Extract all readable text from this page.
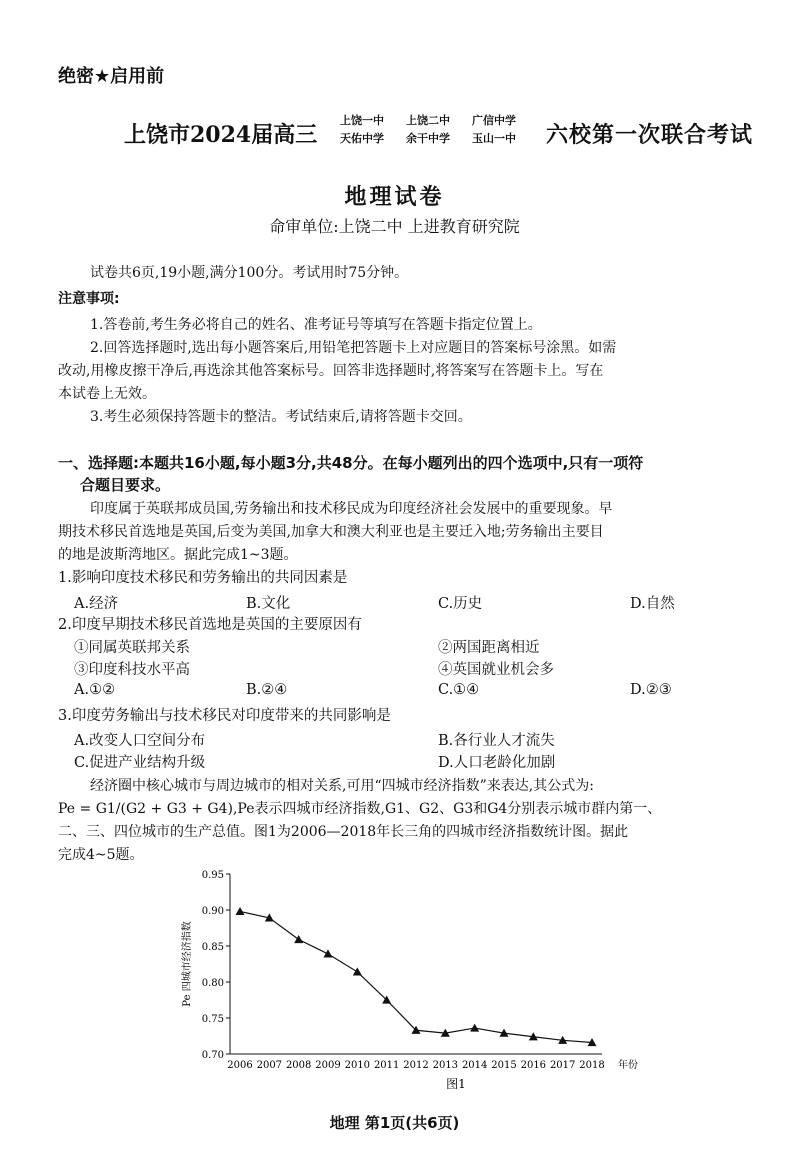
绝密★启用前
上饶市2024届高三
上饶一中 上饶二中 广信中学
天佑中学 余干中学 玉山一中	六校第一次联合考试
地理试卷
命审单位:上饶二中 上进教育研究院
试卷共6页,19小题,满分100分。考试用时75分钟。
注意事项:
1.答卷前,考生务必将自己的姓名、准考证号等填写在答题卡指定位置上。
2.回答选择题时,选出每小题答案后,用铅笔把答题卡上对应题目的答案标号涂黑。如需
改动,用橡皮擦干净后,再选涂其他答案标号。回答非选择题时,将答案写在答题卡上。写在
本试卷上无效。
3.考生必须保持答题卡的整洁。考试结束后,请将答题卡交回。
一、选择题:本题共16小题,每小题3分,共48分。在每小题列出的四个选项中,只有一项符
合题目要求。
印度属于英联邦成员国,劳务输出和技术移民成为印度经济社会发展中的重要现象。早
期技术移民首选地是英国,后变为美国,加拿大和澳大利亚也是主要迁入地;劳务输出主要目
的地是波斯湾地区。据此完成1~3题。
1.影响印度技术移民和劳务输出的共同因素是
A.经济	B.文化	C.历史	D.自然
2.印度早期技术移民首选地是英国的主要原因有
①同属英联邦关系	②两国距离相近
③印度科技水平高	④英国就业机会多
A.①②	B.②④	C.①④	D.②③
3.印度劳务输出与技术移民对印度带来的共同影响是
A.改变人口空间分布	B.各行业人才流失
C.促进产业结构升级	D.人口老龄化加剧
经济圈中核心城市与周边城市的相对关系,可用“四城市经济指数”来表达,其公式为:
Pe = G1/(G2 + G3 + G4),Pe表示四城市经济指数,G1、G2、G3和G4分别表示城市群内第一、
二、三、四位城市的生产总值。图1为2006—2018年长三角的四城市经济指数统计图。据此
完成4~5题。
0.70
0.75
0.80
0.85
0.90
0.95
2006 2007 2008 2009 2010 2011 2012 2013 2014 2015 2016 2017 2018 年份
Pe 四城市经济指数
图1
地理 第1页(共6页)
